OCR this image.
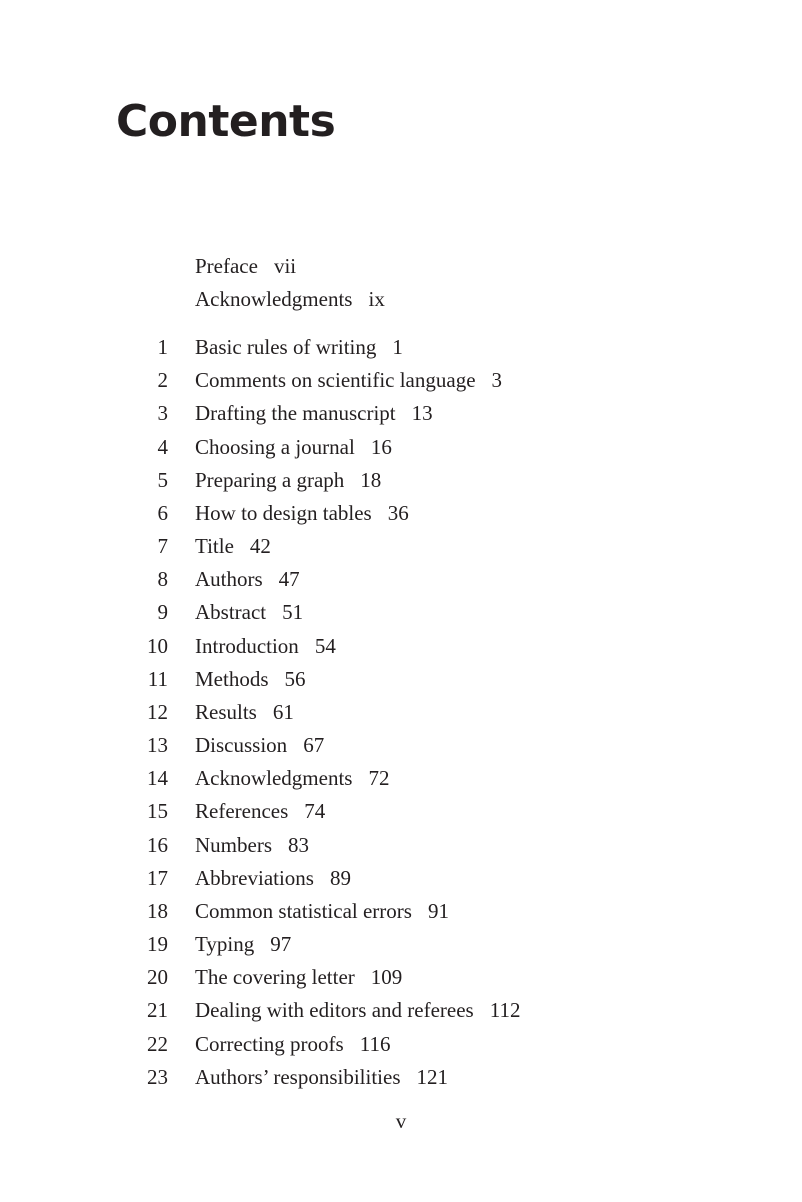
Contents
Preface vii
Acknowledgments ix
1 Basic rules of writing 1
2 Comments on scientific language 3
3 Drafting the manuscript 13
4 Choosing a journal 16
5 Preparing a graph 18
6 How to design tables 36
7 Title 42
8 Authors 47
9 Abstract 51
10 Introduction 54
11 Methods 56
12 Results 61
13 Discussion 67
14 Acknowledgments 72
15 References 74
16 Numbers 83
17 Abbreviations 89
18 Common statistical errors 91
19 Typing 97
20 The covering letter 109
21 Dealing with editors and referees 112
22 Correcting proofs 116
23 Authors’ responsibilities 121
v
